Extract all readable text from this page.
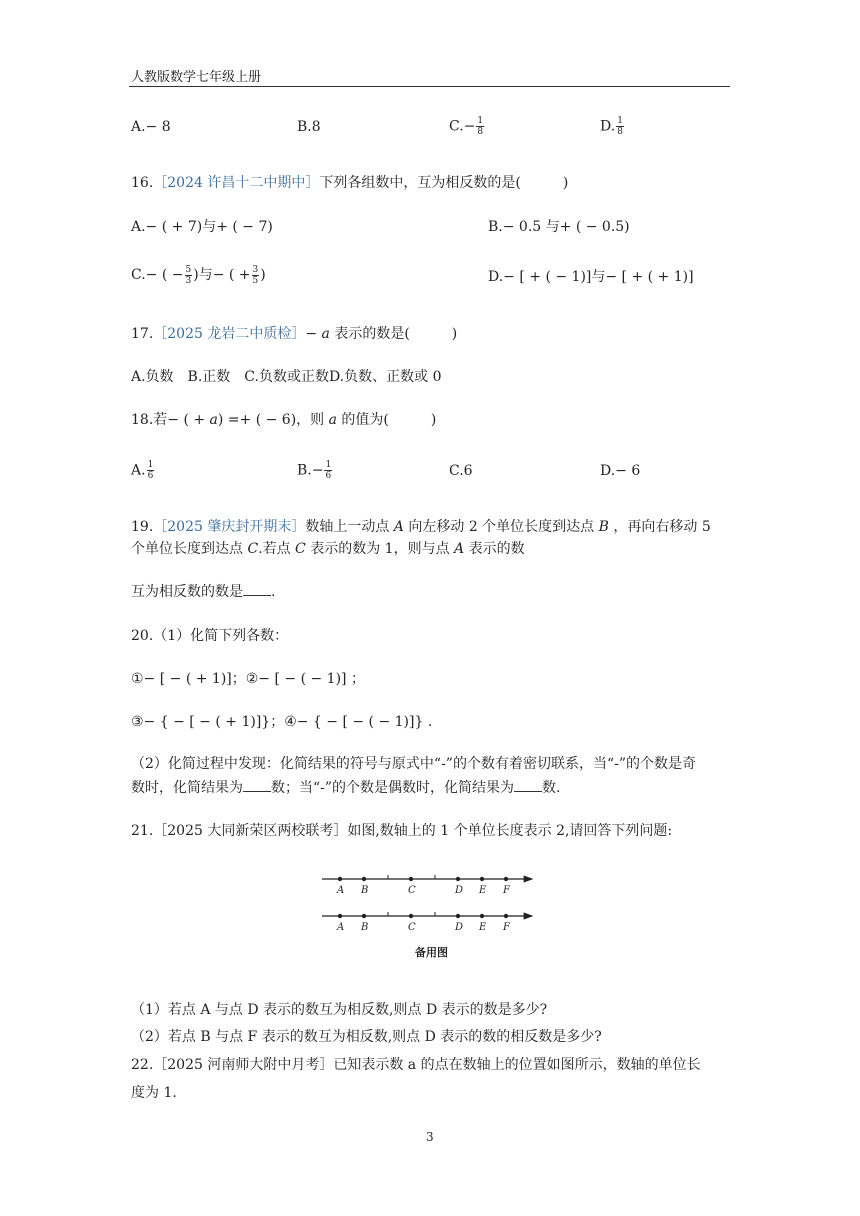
人教版数学七年级上册
A.− 8	B.8	$C.- \frac{1}{8}$	D. $\frac{1}{8}$
16.［2024 许昌十二中期中］下列各组数中，互为相反数的是(　　　)
A.− ( + 7)与+ ( − 7)	B.− 0.5 与+ ( − 0.5)
C.− ( − $\frac{5}{3}$ )与− ( + $\frac{3}{5}$ )	D.− [ + ( − 1)]与− [ + ( + 1)]
17.［2025 龙岩二中质检］− 𝑎 表示的数是(　　　)
A.负数　B.正数　C.负数或正数D.负数、正数或 0
18.若− ( + 𝑎) =+ ( − 6)，则 𝑎 的值为(　　　)
A. $\frac{1}{6}$	$B.- \frac{1}{6}$	C.6	D.− 6
19.［2025 肇庆封开期末］数轴上一动点 𝐴 向左移动 2 个单位长度到达点 𝐵 ，再向右移动 5
个单位长度到达点 𝐶.若点 𝐶 表示的数为 1，则与点 𝐴 表示的数
互为相反数的数是 .
20.（1）化简下列各数：
①− [ − ( + 1)]；②− [ − ( − 1)] ；
③− { − [ − ( + 1)]}；④− { − [ − ( − 1)]} .
（2）化简过程中发现：化简结果的符号与原式中“-”的个数有着密切联系，当“-”的个数是奇
数时，化简结果为 数；当“-”的个数是偶数时，化简结果为 数.
21.［2025 大同新荣区两校联考］如图,数轴上的 1 个单位长度表示 2,请回答下列问题:
A B	C	D E F
A B	C	D E F
备用图
（1）若点 A 与点 D 表示的数互为相反数,则点 D 表示的数是多少?
（2）若点 B 与点 F 表示的数互为相反数,则点 D 表示的数的相反数是多少?
22.［2025 河南师大附中月考］已知表示数 a 的点在数轴上的位置如图所示，数轴的单位长
度为 1.
3
